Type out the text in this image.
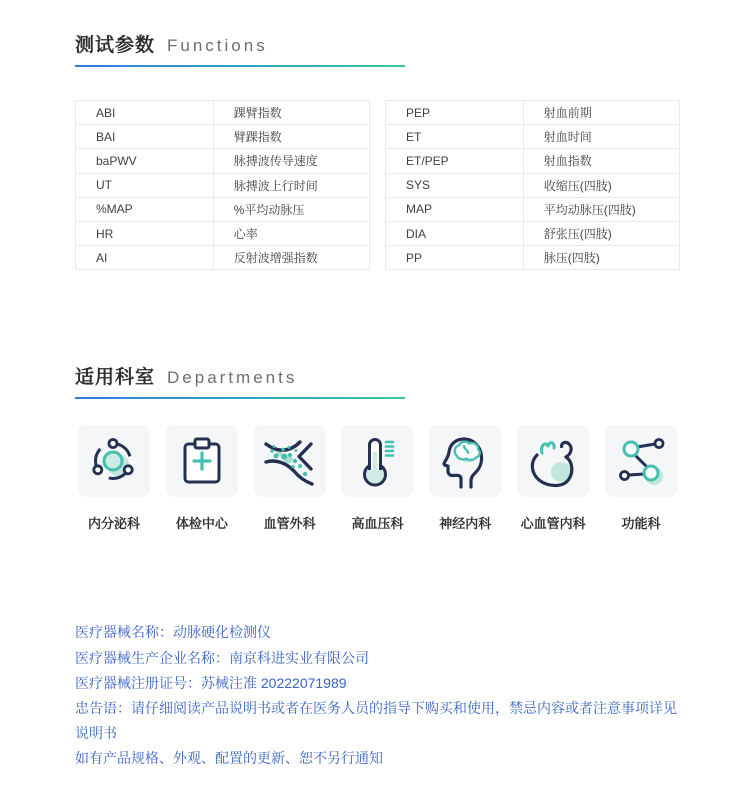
测试参数 Functions
ABI	踝臂指数
BAI	臂踝指数
baPWV	脉搏波传导速度
UT	脉搏波上行时间
%MAP	%平均动脉压
HR	心率
AI	反射波增强指数
PEP	射血前期
ET	射血时间
ET/PEP	射血指数
SYS	收缩压(四肢)
MAP	平均动脉压(四肢)
DIA	舒张压(四肢)
PP	脉压(四肢)
适用科室 Departments
内分泌科	体检中心	血管外科	高血压科	神经内科 心血管内科	功能科
医疗器械名称：动脉硬化检测仪
医疗器械生产企业名称：南京科进实业有限公司
医疗器械注册证号：苏械注准 20222071989
忠告语：请仔细阅读产品说明书或者在医务人员的指导下购买和使用，禁忌内容或者注意事项详见说明书
如有产品规格、外观、配置的更新、恕不另行通知
